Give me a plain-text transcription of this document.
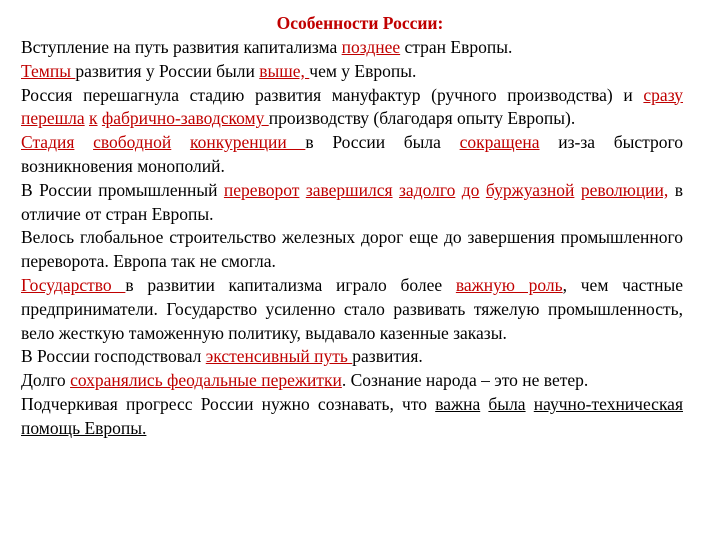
Особенности России:

Вступление на путь развития капитализма позднее стран Европы.

Темпы развития у России были выше, чем у Европы.

Россия перешагнула стадию развития мануфактур (ручного производства) и сразу перешла к фабрично-заводскому производству (благодаря опыту Европы).

Стадия свободной конкуренции в России была сокращена из-за быстрого возникновения монополий.

В России промышленный переворот завершился задолго до буржуазной революции, в отличие от стран Европы.

Велось глобальное строительство железных дорог еще до завершения промышленного переворота. Европа так не смогла.

Государство в развитии капитализма играло более важную роль, чем частные предприниматели. Государство усиленно стало развивать тяжелую промышленность, вело жесткую таможенную политику, выдавало казенные заказы.

В России господствовал экстенсивный путь развития.

Долго сохранялись феодальные пережитки. Сознание народа – это не ветер.

Подчеркивая прогресс России нужно сознавать, что важна была научно-техническая помощь Европы.
